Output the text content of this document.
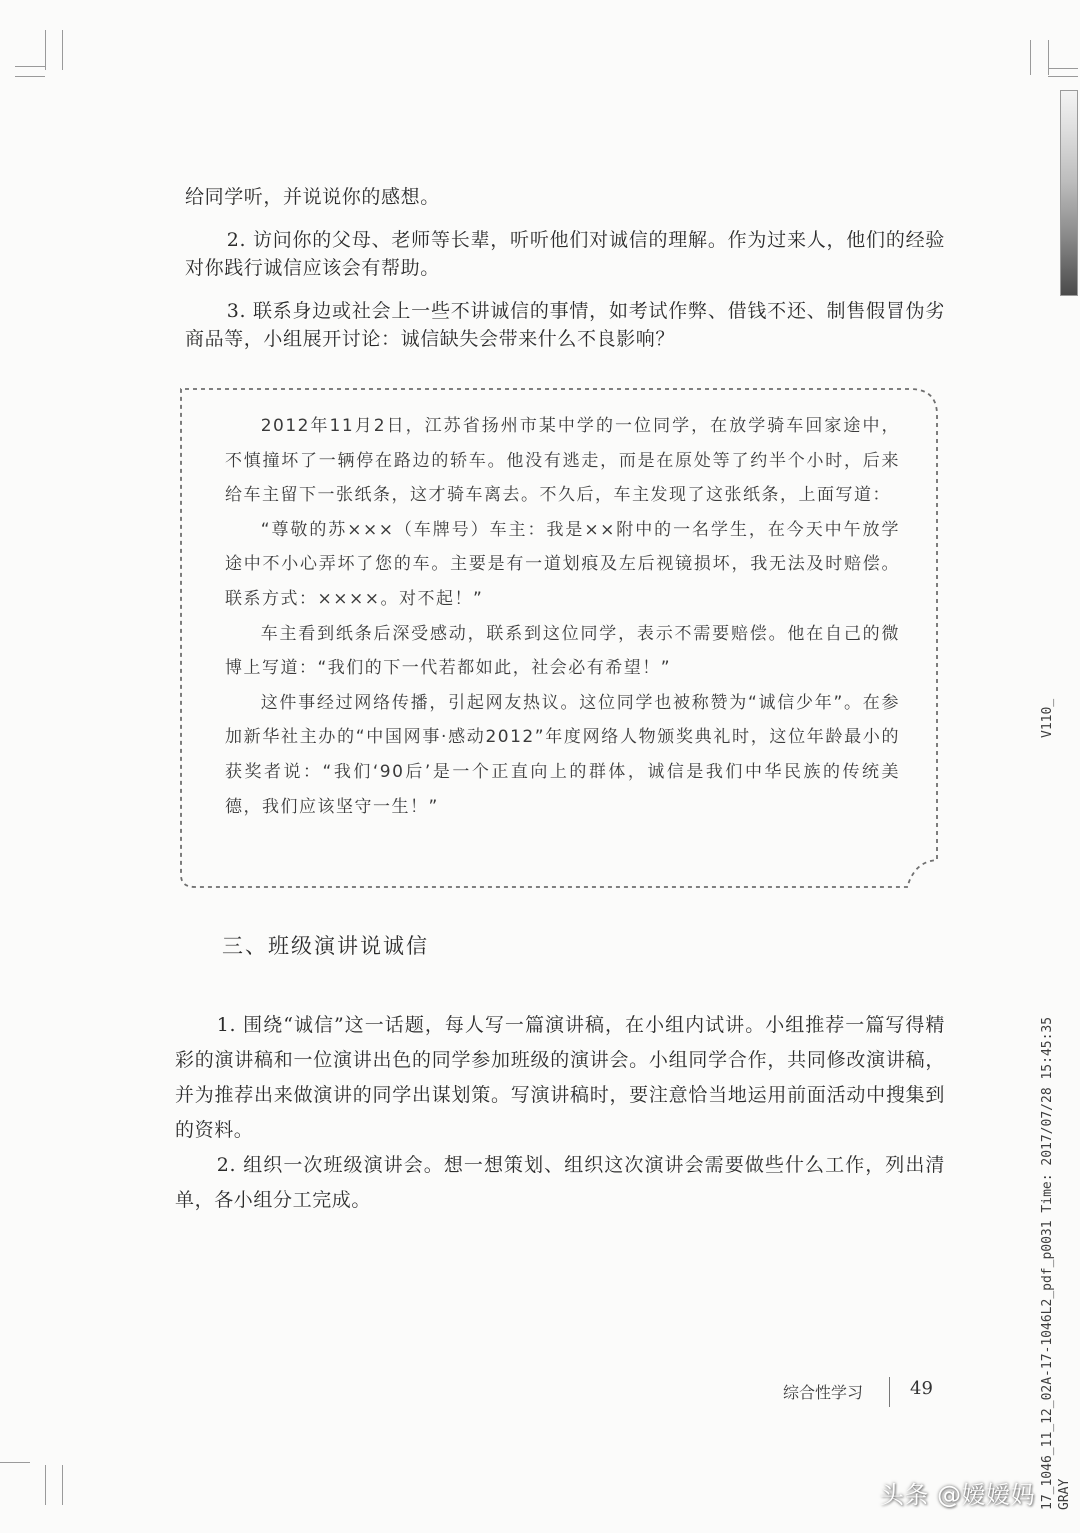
给同学听，并说说你的感想。

2. 访问你的父母、老师等长辈，听听他们对诚信的理解。作为过来人，他们的经验对你践行诚信应该会有帮助。

3. 联系身边或社会上一些不讲诚信的事情，如考试作弊、借钱不还、制售假冒伪劣商品等，小组展开讨论：诚信缺失会带来什么不良影响？

2012年11月2日，江苏省扬州市某中学的一位同学，在放学骑车回家途中，不慎撞坏了一辆停在路边的轿车。他没有逃走，而是在原处等了约半个小时，后来给车主留下一张纸条，这才骑车离去。不久后，车主发现了这张纸条，上面写道：

“尊敬的苏×××（车牌号）车主：我是××附中的一名学生，在今天中午放学途中不小心弄坏了您的车。主要是有一道划痕及左后视镜损坏，我无法及时赔偿。联系方式：××××。对不起！”

车主看到纸条后深受感动，联系到这位同学，表示不需要赔偿。他在自己的微博上写道：“我们的下一代若都如此，社会必有希望！”

这件事经过网络传播，引起网友热议。这位同学也被称赞为“诚信少年”。在参加新华社主办的“中国网事·感动2012”年度网络人物颁奖典礼时，这位年龄最小的获奖者说：“我们‘90后’是一个正直向上的群体，诚信是我们中华民族的传统美德，我们应该坚守一生！”

三、班级演讲说诚信

1. 围绕“诚信”这一话题，每人写一篇演讲稿，在小组内试讲。小组推荐一篇写得精彩的演讲稿和一位演讲出色的同学参加班级的演讲会。小组同学合作，共同修改演讲稿，并为推荐出来做演讲的同学出谋划策。写演讲稿时，要注意恰当地运用前面活动中搜集到的资料。

2. 组织一次班级演讲会。想一想策划、组织这次演讲会需要做些什么工作，列出清单，各小组分工完成。

综合性学习	49
V110_
17_1046_11_12_02A-17-1046L2_pdf_p0031 Time: 2017/07/28 15:45:35 GRAY
头条 @嫒嫒妈
